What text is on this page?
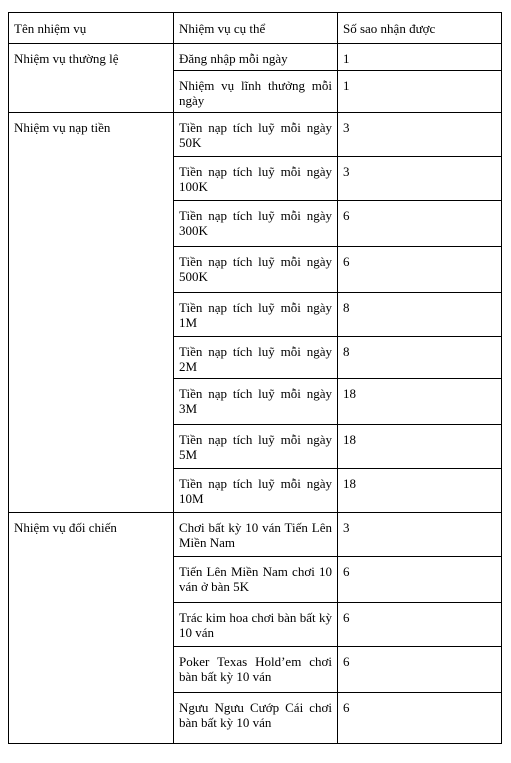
Tên nhiệm vụ	Nhiệm vụ cụ thể	Số sao nhận được
Nhiệm vụ thường lệ	Đăng nhập mỗi ngày	1
	Nhiệm vụ lĩnh thưởng mỗi ngày	1
Nhiệm vụ nạp tiền	Tiền nạp tích luỹ mỗi ngày 50K	3
	Tiền nạp tích luỹ mỗi ngày 100K	3
	Tiền nạp tích luỹ mỗi ngày 300K	6
	Tiền nạp tích luỹ mỗi ngày 500K	6
	Tiền nạp tích luỹ mỗi ngày 1M	8
	Tiền nạp tích luỹ mỗi ngày 2M	8
	Tiền nạp tích luỹ mỗi ngày 3M	18
	Tiền nạp tích luỹ mỗi ngày 5M	18
	Tiền nạp tích luỹ mỗi ngày 10M	18
Nhiệm vụ đối chiến	Chơi bất kỳ 10 ván Tiến Lên Miền Nam	3
	Tiến Lên Miền Nam chơi 10 ván ở bàn 5K	6
	Trác kim hoa chơi bàn bất kỳ 10 ván	6
	Poker Texas Hold’em chơi bàn bất kỳ 10 ván	6
	Ngưu Ngưu Cướp Cái chơi bàn bất kỳ 10 ván	6
